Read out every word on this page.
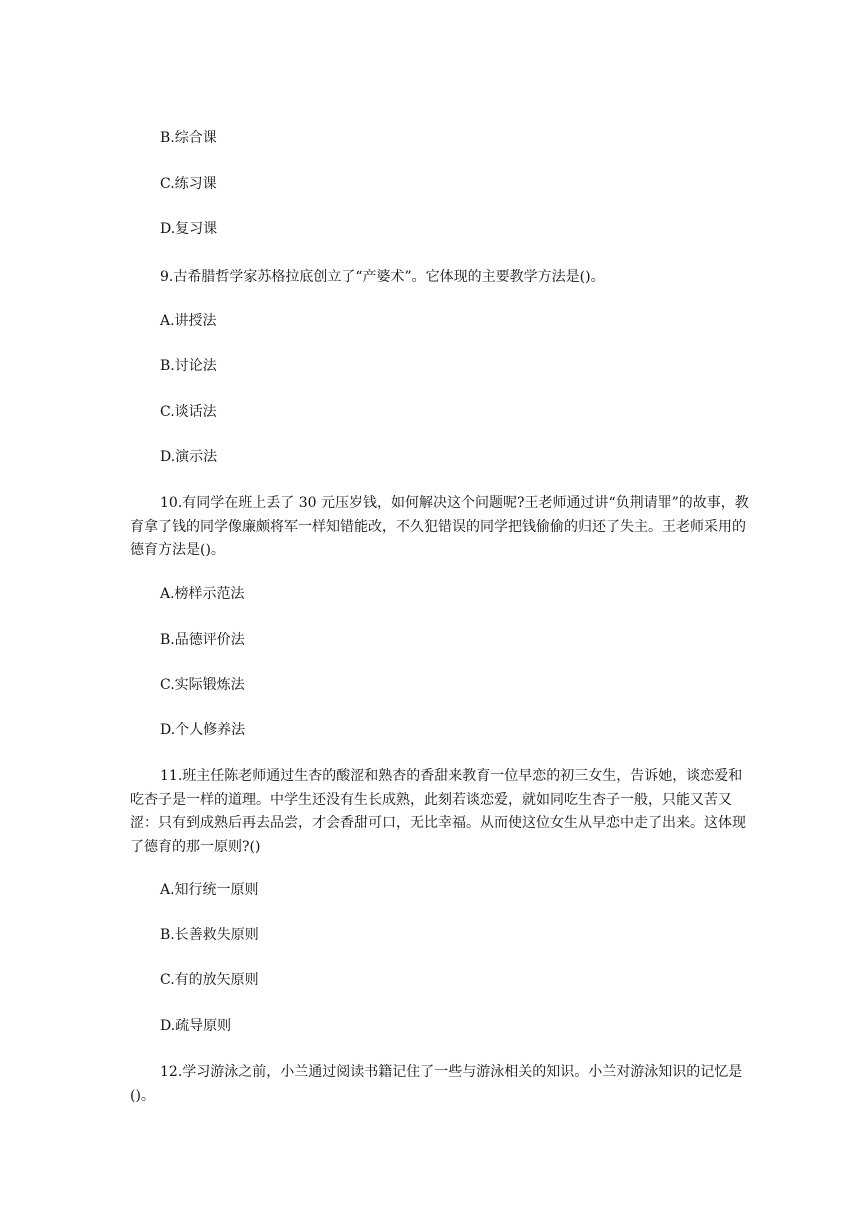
B.综合课
C.练习课
D.复习课
9.古希腊哲学家苏格拉底创立了“产婆术”。它体现的主要教学方法是()。
A.讲授法
B.讨论法
C.谈话法
D.演示法
10.有同学在班上丢了 30 元压岁钱，如何解决这个问题呢?王老师通过讲“负荆请罪”的故事，教育拿了钱的同学像廉颇将军一样知错能改，不久犯错误的同学把钱偷偷的归还了失主。王老师采用的德育方法是()。
A.榜样示范法
B.品德评价法
C.实际锻炼法
D.个人修养法
11.班主任陈老师通过生杏的酸涩和熟杏的香甜来教育一位早恋的初三女生，告诉她，谈恋爱和吃杏子是一样的道理。中学生还没有生长成熟，此刻若谈恋爱，就如同吃生杏子一般，只能又苦又涩：只有到成熟后再去品尝，才会香甜可口，无比幸福。从而使这位女生从早恋中走了出来。这体现了德育的那一原则?()
A.知行统一原则
B.长善救失原则
C.有的放矢原则
D.疏导原则
12.学习游泳之前，小兰通过阅读书籍记住了一些与游泳相关的知识。小兰对游泳知识的记忆是()。
